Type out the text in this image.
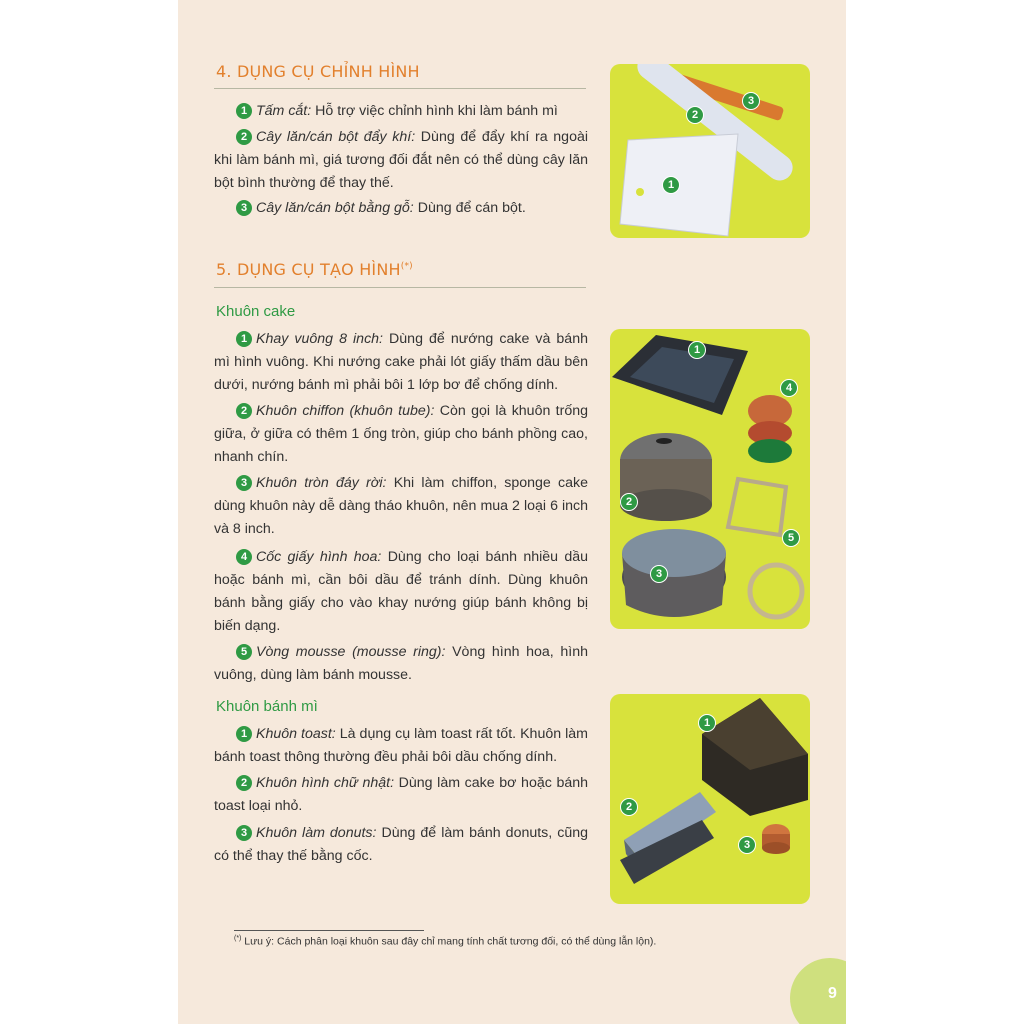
4. DỤNG CỤ CHỈNH HÌNH
1 Tấm cắt: Hỗ trợ việc chỉnh hình khi làm bánh mì
2 Cây lăn/cán bột đẩy khí: Dùng để đẩy khí ra ngoài khi làm bánh mì, giá tương đối đắt nên có thể dùng cây lăn bột bình thường để thay thế.
3 Cây lăn/cán bột bằng gỗ: Dùng để cán bột.
1
2
3
5. DỤNG CỤ TẠO HÌNH(*)
Khuôn cake
1 Khay vuông 8 inch: Dùng để nướng cake và bánh mì hình vuông. Khi nướng cake phải lót giấy thấm dầu bên dưới, nướng bánh mì phải bôi 1 lớp bơ để chống dính.
2 Khuôn chiffon (khuôn tube): Còn gọi là khuôn trống giữa, ở giữa có thêm 1 ống tròn, giúp cho bánh phồng cao, nhanh chín.
3 Khuôn tròn đáy rời: Khi làm chiffon, sponge cake dùng khuôn này dễ dàng tháo khuôn, nên mua 2 loại 6 inch và 8 inch.
4 Cốc giấy hình hoa: Dùng cho loại bánh nhiều dầu hoặc bánh mì, cần bôi dầu để tránh dính. Dùng khuôn bánh bằng giấy cho vào khay nướng giúp bánh không bị biến dạng.
5 Vòng mousse (mousse ring): Vòng hình hoa, hình vuông, dùng làm bánh mousse.
1
2
3
4
5
Khuôn bánh mì
1 Khuôn toast: Là dụng cụ làm toast rất tốt. Khuôn làm bánh toast thông thường đều phải bôi dầu chống dính.
2 Khuôn hình chữ nhật: Dùng làm cake bơ hoặc bánh toast loại nhỏ.
3 Khuôn làm donuts: Dùng để làm bánh donuts, cũng có thể thay thế bằng cốc.
1
2
3
(*) Lưu ý: Cách phân loại khuôn sau đây chỉ mang tính chất tương đối, có thể dùng lẫn lộn).
9
